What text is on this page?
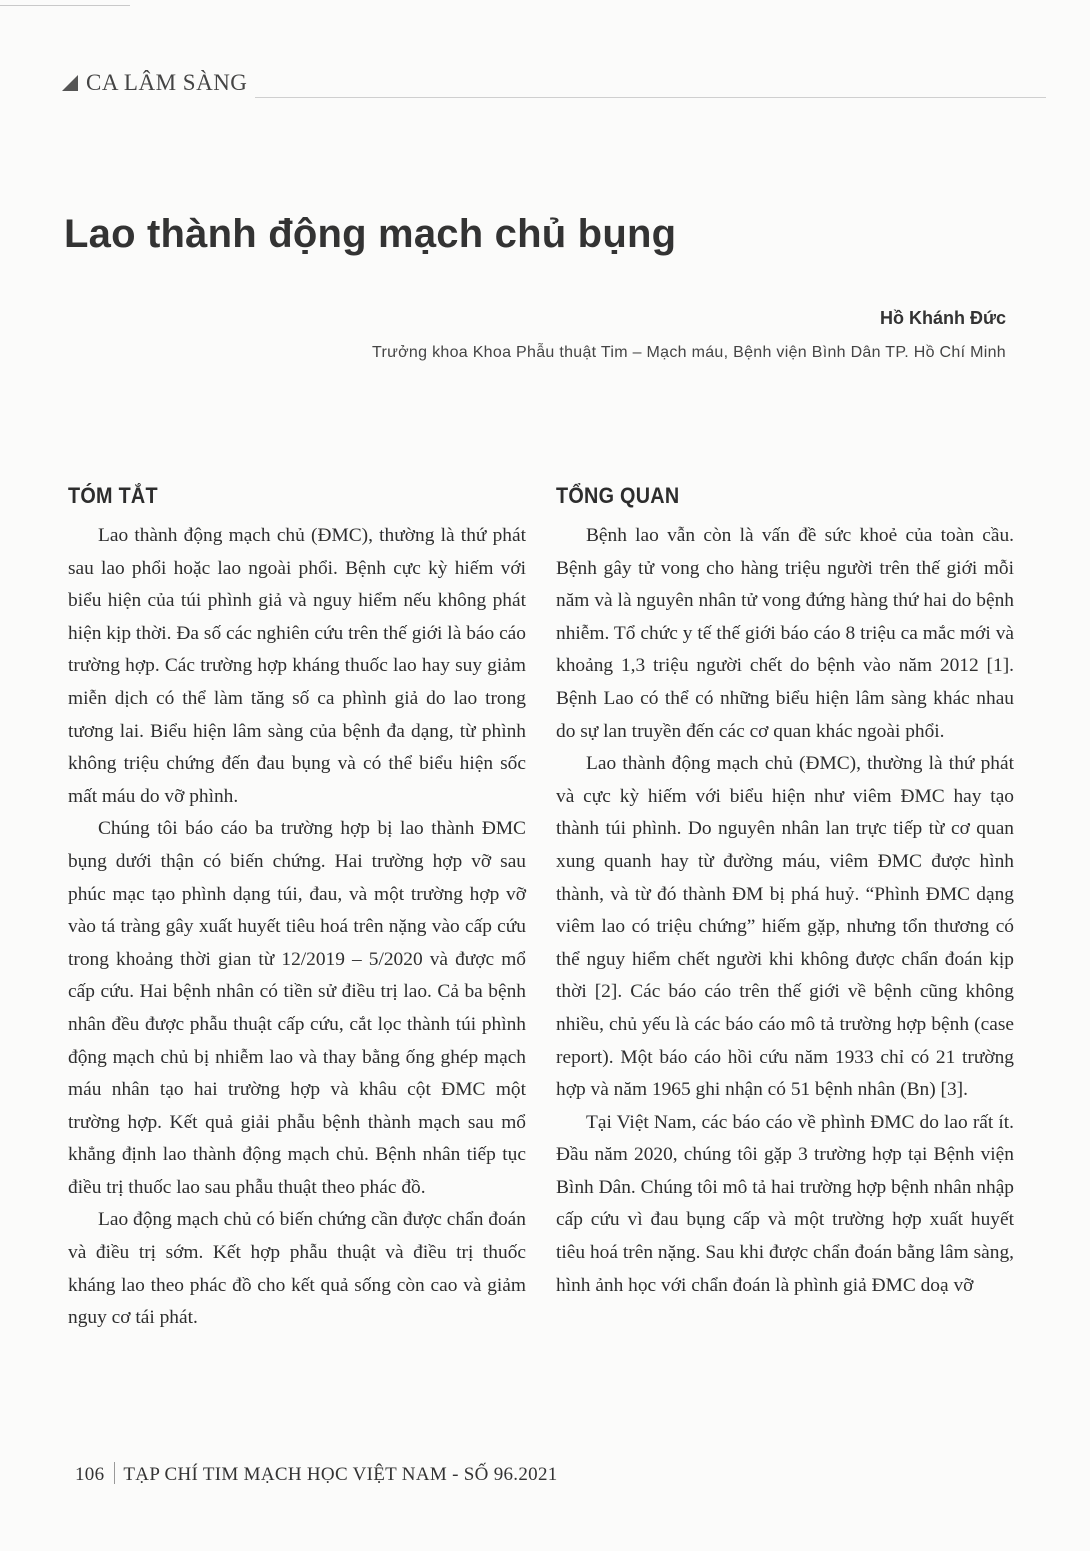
CA LÂM SÀNG
Lao thành động mạch chủ bụng
Hồ Khánh Đức
Trưởng khoa Khoa Phẫu thuật Tim – Mạch máu, Bệnh viện Bình Dân TP. Hồ Chí Minh
TÓM TẮT

Lao thành động mạch chủ (ĐMC), thường là thứ phát sau lao phổi hoặc lao ngoài phổi. Bệnh cực kỳ hiếm với biểu hiện của túi phình giả và nguy hiểm nếu không phát hiện kịp thời. Đa số các nghiên cứu trên thế giới là báo cáo trường hợp. Các trường hợp kháng thuốc lao hay suy giảm miễn dịch có thể làm tăng số ca phình giả do lao trong tương lai. Biểu hiện lâm sàng của bệnh đa dạng, từ phình không triệu chứng đến đau bụng và có thể biểu hiện sốc mất máu do vỡ phình.

Chúng tôi báo cáo ba trường hợp bị lao thành ĐMC bụng dưới thận có biến chứng. Hai trường hợp vỡ sau phúc mạc tạo phình dạng túi, đau, và một trường hợp vỡ vào tá tràng gây xuất huyết tiêu hoá trên nặng vào cấp cứu trong khoảng thời gian từ 12/2019 – 5/2020 và được mổ cấp cứu. Hai bệnh nhân có tiền sử điều trị lao. Cả ba bệnh nhân đều được phẫu thuật cấp cứu, cắt lọc thành túi phình động mạch chủ bị nhiễm lao và thay bằng ống ghép mạch máu nhân tạo hai trường hợp và khâu cột ĐMC một trường hợp. Kết quả giải phẫu bệnh thành mạch sau mổ khẳng định lao thành động mạch chủ. Bệnh nhân tiếp tục điều trị thuốc lao sau phẫu thuật theo phác đồ.

Lao động mạch chủ có biến chứng cần được chẩn đoán và điều trị sớm. Kết hợp phẫu thuật và điều trị thuốc kháng lao theo phác đồ cho kết quả sống còn cao và giảm nguy cơ tái phát.

TỔNG QUAN

Bệnh lao vẫn còn là vấn đề sức khoẻ của toàn cầu. Bệnh gây tử vong cho hàng triệu người trên thế giới mỗi năm và là nguyên nhân tử vong đứng hàng thứ hai do bệnh nhiễm. Tổ chức y tế thế giới báo cáo 8 triệu ca mắc mới và khoảng 1,3 triệu người chết do bệnh vào năm 2012 [1]. Bệnh Lao có thể có những biểu hiện lâm sàng khác nhau do sự lan truyền đến các cơ quan khác ngoài phổi.

Lao thành động mạch chủ (ĐMC), thường là thứ phát và cực kỳ hiếm với biểu hiện như viêm ĐMC hay tạo thành túi phình. Do nguyên nhân lan trực tiếp từ cơ quan xung quanh hay từ đường máu, viêm ĐMC được hình thành, và từ đó thành ĐM bị phá huỷ. “Phình ĐMC dạng viêm lao có triệu chứng” hiếm gặp, nhưng tổn thương có thể nguy hiểm chết người khi không được chẩn đoán kịp thời [2]. Các báo cáo trên thế giới về bệnh cũng không nhiều, chủ yếu là các báo cáo mô tả trường hợp bệnh (case report). Một báo cáo hồi cứu năm 1933 chỉ có 21 trường hợp và năm 1965 ghi nhận có 51 bệnh nhân (Bn) [3].

Tại Việt Nam, các báo cáo về phình ĐMC do lao rất ít. Đầu năm 2020, chúng tôi gặp 3 trường hợp tại Bệnh viện Bình Dân. Chúng tôi mô tả hai trường hợp bệnh nhân nhập cấp cứu vì đau bụng cấp và một trường hợp xuất huyết tiêu hoá trên nặng. Sau khi được chẩn đoán bằng lâm sàng, hình ảnh học với chẩn đoán là phình giả ĐMC doạ vỡ

106 TẠP CHÍ TIM MẠCH HỌC VIỆT NAM - SỐ 96.2021
